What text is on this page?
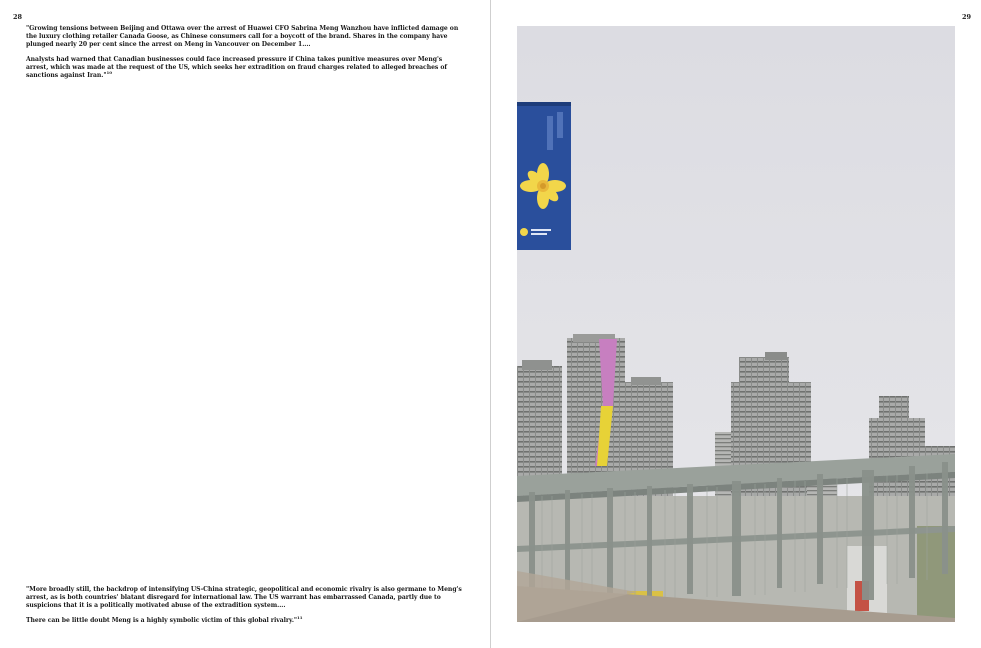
28

"Growing tensions between Beijing and Ottawa over the arrest of Huawei CFO Sabrina Meng Wanzhou have inflicted damage on the luxury clothing retailer Canada Goose, as Chinese consumers call for a boycott of the brand. Shares in the company have plunged nearly 20 per cent since the arrest on Meng in Vancouver on December 1....

Analysts had warned that Canadian businesses could face increased pressure if China takes punitive measures over Meng's arrest, which was made at the request of the US, which seeks her extradition on fraud charges related to alleged breaches of sanctions against Iran."$^{10}$

"More broadly still, the backdrop of intensifying US-China strategic, geopolitical and economic rivalry is also germane to Meng's arrest, as is both countries' blatant disregard for international law. The US warrant has embarrassed Canada, partly due to suspicions that it is a politically motivated abuse of the extradition system....

There can be little doubt Meng is a highly symbolic victim of this global rivalry."$^{11}$

29
